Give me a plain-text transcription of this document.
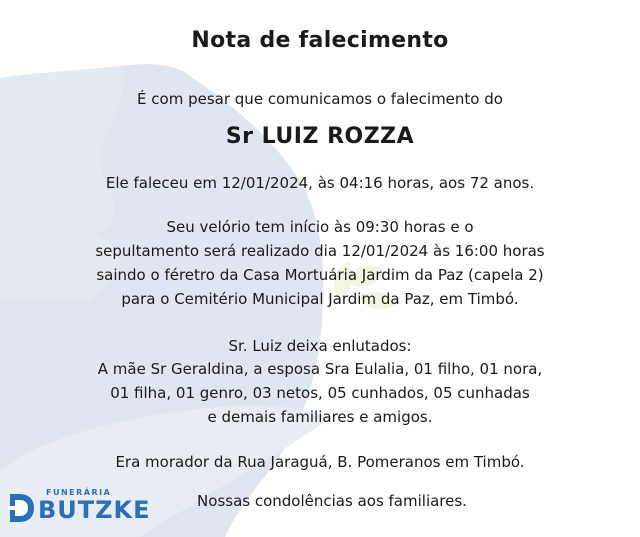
Nota de falecimento
É com pesar que comunicamos o falecimento do
Sr LUIZ ROZZA
Ele faleceu em 12/01/2024, às 04:16 horas, aos 72 anos.
Seu velório tem início às 09:30 horas e o
sepultamento será realizado dia 12/01/2024 às 16:00 horas
saindo o féretro da Casa Mortuária Jardim da Paz (capela 2)
para o Cemitério Municipal Jardim da Paz, em Timbó.
Sr. Luiz deixa enlutados:
A mãe Sr Geraldina, a esposa Sra Eulalia, 01 filho, 01 nora,
01 filha, 01 genro, 03 netos, 05 cunhados, 05 cunhadas
e demais familiares e amigos.
Era morador da Rua Jaraguá, B. Pomeranos em Timbó.
Nossas condolências aos familiares.
FUNERÁRIA
BUTZKE
